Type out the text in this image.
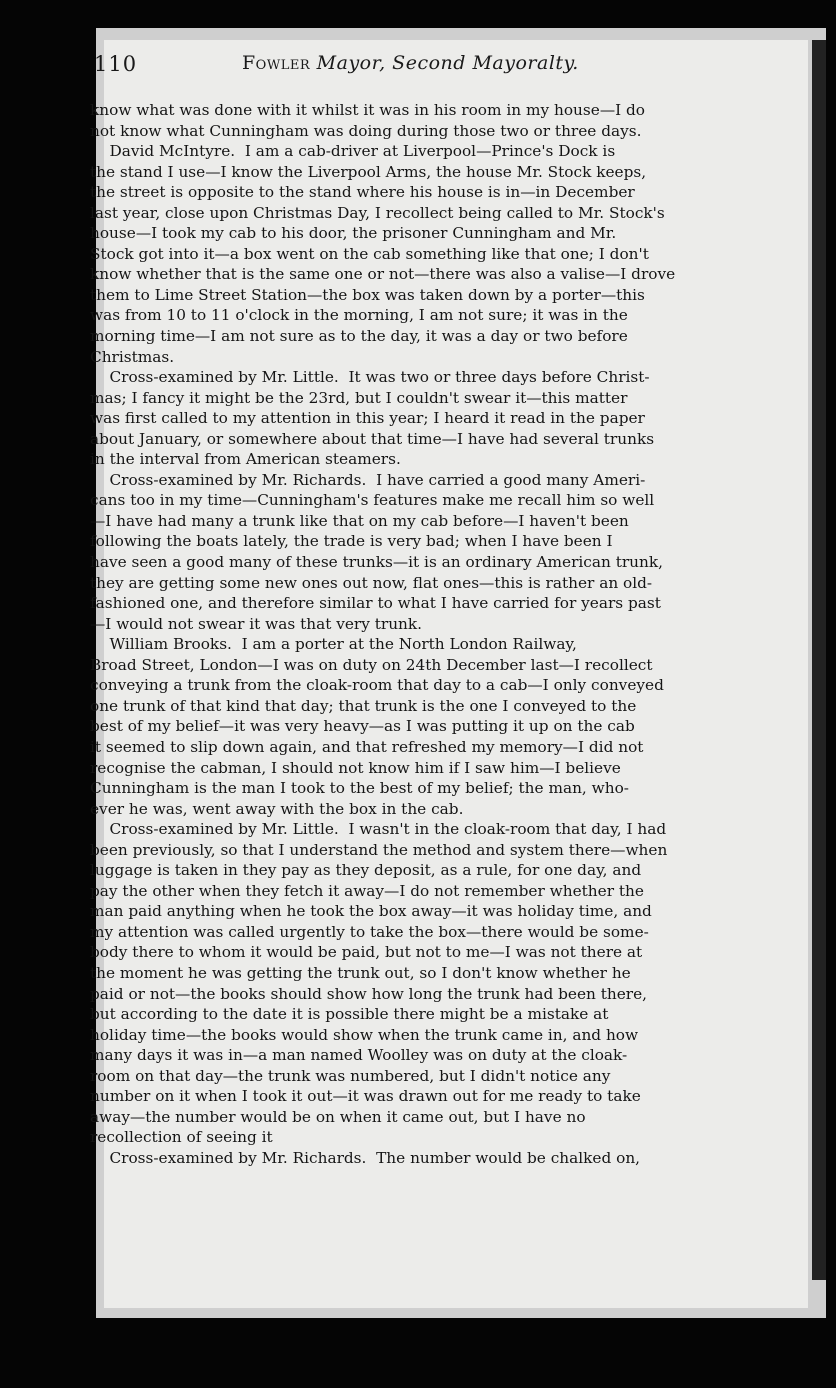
110	Fowler Mayor, Second Mayoralty.
know what was done with it whilst it was in his room in my house—I do
not know what Cunningham was doing during those two or three days.
David McIntyre.  I am a cab-driver at Liverpool—Prince's Dock is
the stand I use—I know the Liverpool Arms, the house Mr. Stock keeps,
the street is opposite to the stand where his house is in—in December
last year, close upon Christmas Day, I recollect being called to Mr. Stock's
house—I took my cab to his door, the prisoner Cunningham and Mr.
Stock got into it—a box went on the cab something like that one; I don't
know whether that is the same one or not—there was also a valise—I drove
them to Lime Street Station—the box was taken down by a porter—this
was from 10 to 11 o'clock in the morning, I am not sure; it was in the
morning time—I am not sure as to the day, it was a day or two before
Christmas.
Cross-examined by Mr. Little.  It was two or three days before Christ-
mas; I fancy it might be the 23rd, but I couldn't swear it—this matter
was first called to my attention in this year; I heard it read in the paper
about January, or somewhere about that time—I have had several trunks
in the interval from American steamers.
Cross-examined by Mr. Richards.  I have carried a good many Ameri-
cans too in my time—Cunningham's features make me recall him so well
—I have had many a trunk like that on my cab before—I haven't been
following the boats lately, the trade is very bad; when I have been I
have seen a good many of these trunks—it is an ordinary American trunk,
they are getting some new ones out now, flat ones—this is rather an old-
fashioned one, and therefore similar to what I have carried for years past
—I would not swear it was that very trunk.
William Brooks.  I am a porter at the North London Railway,
Broad Street, London—I was on duty on 24th December last—I recollect
conveying a trunk from the cloak-room that day to a cab—I only conveyed
one trunk of that kind that day; that trunk is the one I conveyed to the
best of my belief—it was very heavy—as I was putting it up on the cab
it seemed to slip down again, and that refreshed my memory—I did not
recognise the cabman, I should not know him if I saw him—I believe
Cunningham is the man I took to the best of my belief; the man, who-
ever he was, went away with the box in the cab.
Cross-examined by Mr. Little.  I wasn't in the cloak-room that day, I had
been previously, so that I understand the method and system there—when
luggage is taken in they pay as they deposit, as a rule, for one day, and
pay the other when they fetch it away—I do not remember whether the
man paid anything when he took the box away—it was holiday time, and
my attention was called urgently to take the box—there would be some-
body there to whom it would be paid, but not to me—I was not there at
the moment he was getting the trunk out, so I don't know whether he
paid or not—the books should show how long the trunk had been there,
but according to the date it is possible there might be a mistake at
holiday time—the books would show when the trunk came in, and how
many days it was in—a man named Woolley was on duty at the cloak-
room on that day—the trunk was numbered, but I didn't notice any
number on it when I took it out—it was drawn out for me ready to take
away—the number would be on when it came out, but I have no
recollection of seeing it
Cross-examined by Mr. Richards.  The number would be chalked on,
